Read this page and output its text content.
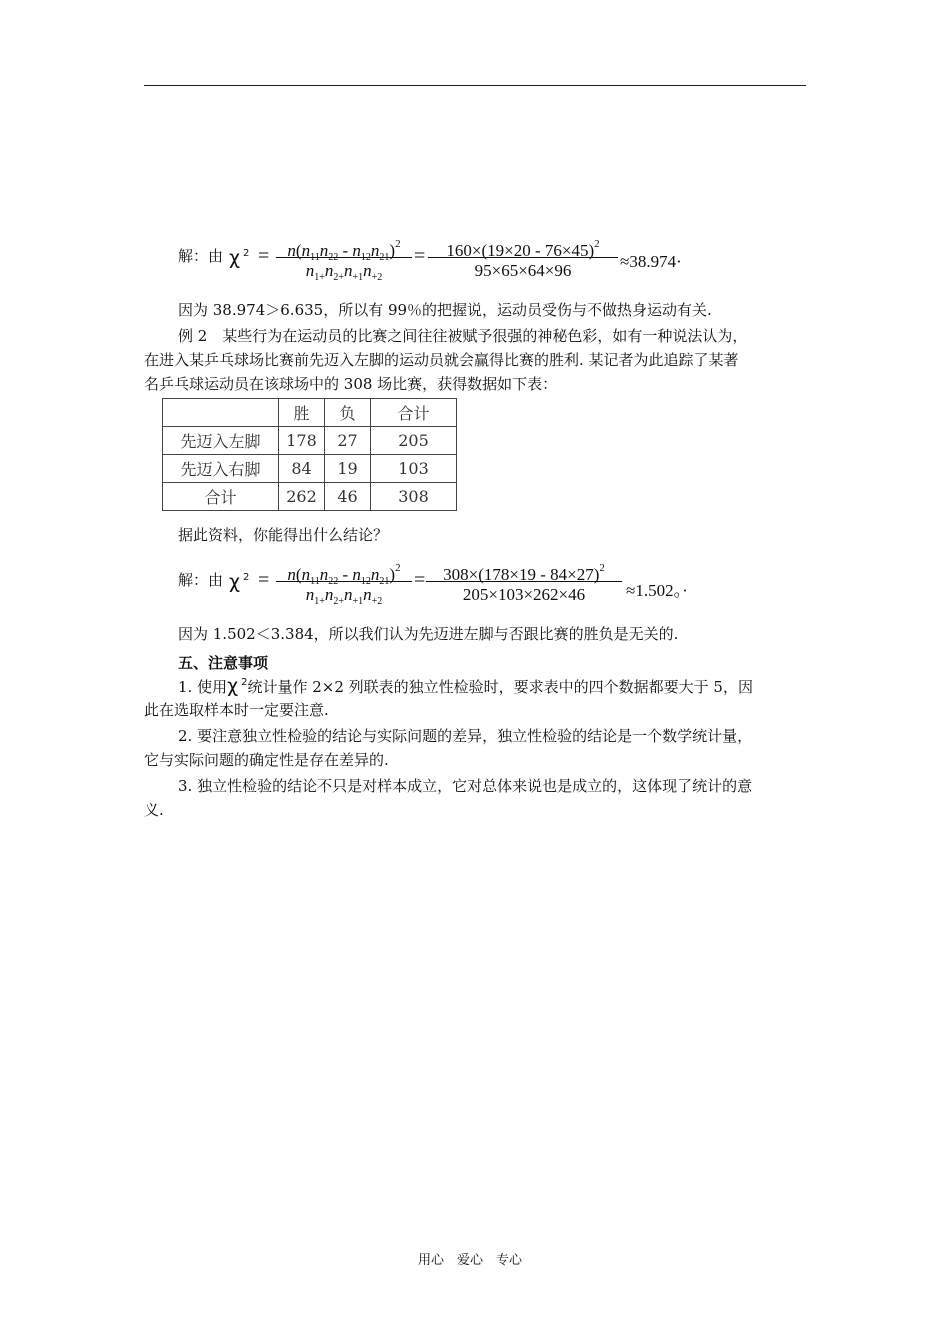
解：由 χ $^2$ =	$n(n_{11}n_{22} - n_{12}n_{21})^2$
$n_{1+}n_{2+}n_{+1}n_{+2}$
=	$160\times(19\times 20 - 76\times 45)^2$
95×65×64×96	≈38.974·
因为 38.974＞6.635，所以有 99％的把握说，运动员受伤与不做热身运动有关.
例 2　某些行为在运动员的比赛之间往往被赋予很强的神秘色彩，如有一种说法认为，
在进入某乒乓球场比赛前先迈入左脚的运动员就会赢得比赛的胜利. 某记者为此追踪了某著
名乒乓球运动员在该球场中的 308 场比赛，获得数据如下表：
	胜	负	合计
先迈入左脚	178	27	205
先迈入右脚	84	19	103
合计	262	46	308
据此资料，你能得出什么结论？
解：由 χ $^2$ =	$n(n_{11}n_{22} - n_{12}n_{21})^2$
$n_{1+}n_{2+}n_{+1}n_{+2}$
=	$308\times(178\times 19 - 84\times 27)^2$
205×103×262×46	≈1.502。·
因为 1.502＜3.384，所以我们认为先迈进左脚与否跟比赛的胜负是无关的.
五、注意事项
1. 使用χ $^2$统计量作 2×2 列联表的独立性检验时，要求表中的四个数据都要大于 5，因
此在选取样本时一定要注意.
2. 要注意独立性检验的结论与实际问题的差异，独立性检验的结论是一个数学统计量，
它与实际问题的确定性是存在差异的.
3. 独立性检验的结论不只是对样本成立，它对总体来说也是成立的，这体现了统计的意
义.
用心　爱心　专心
